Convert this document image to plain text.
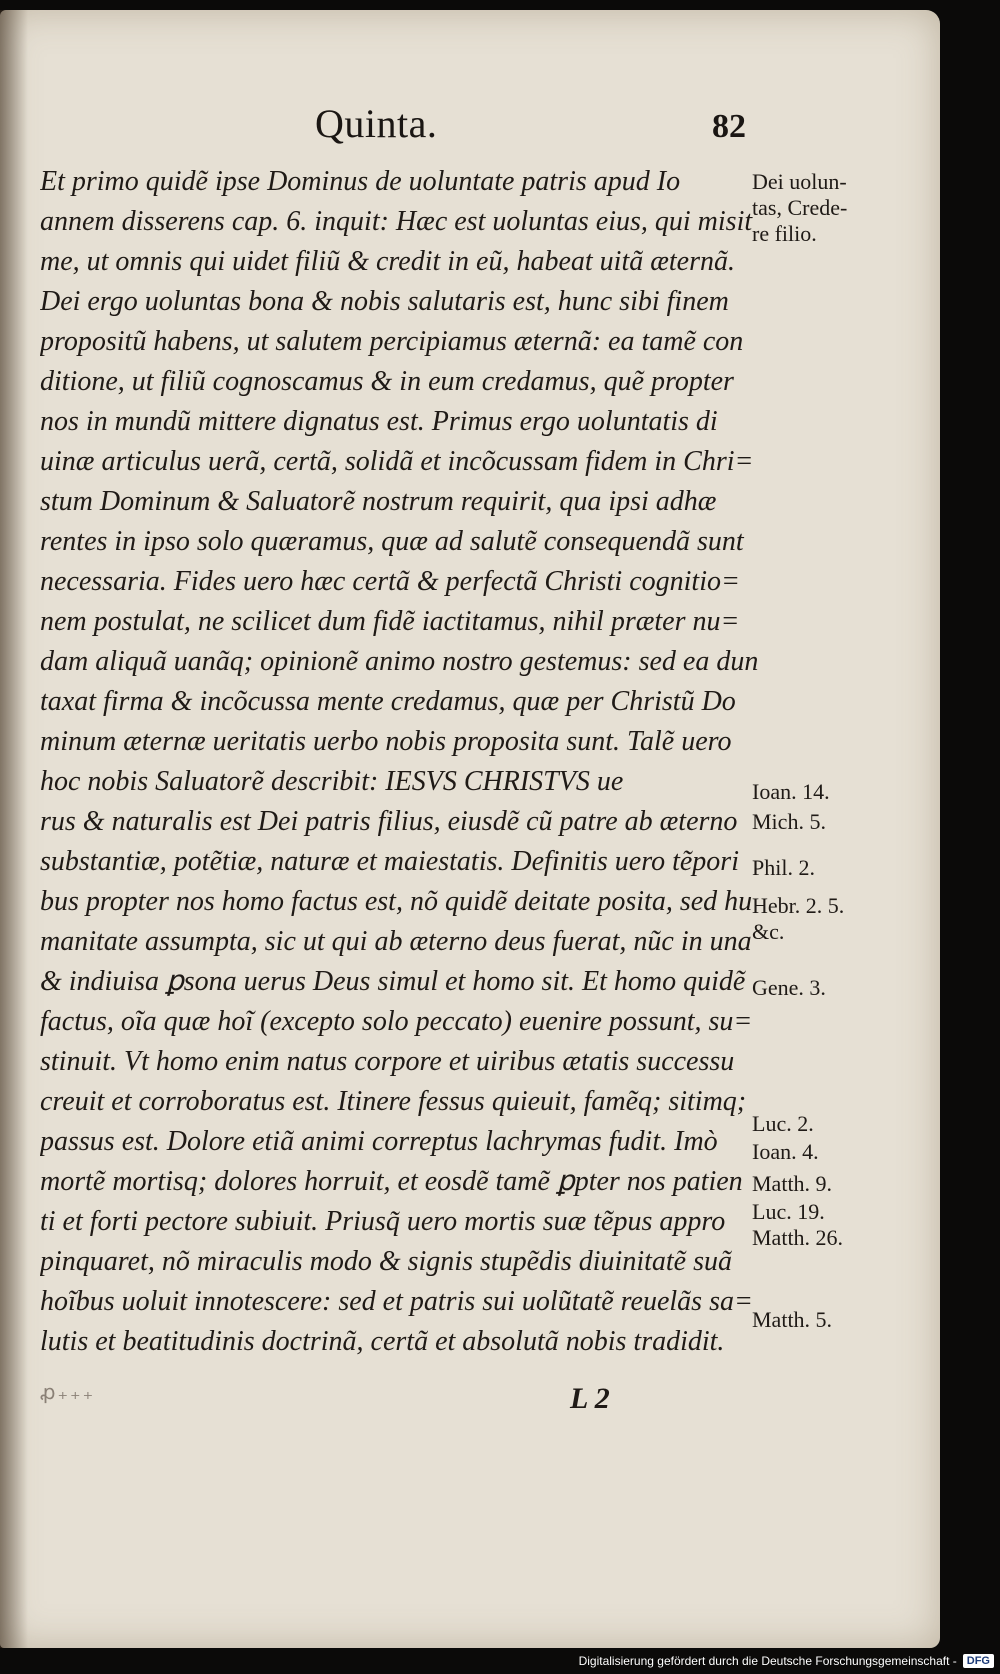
Quinta.	82
Et primo quidẽ ipse Dominus de uoluntate patris apud Io
annem disserens cap. 6. inquit: Hæc est uoluntas eius, qui misit
me, ut omnis qui uidet filiũ & credit in eũ, habeat uitã æternã.
Dei ergo uoluntas bona & nobis salutaris est, hunc sibi finem
propositũ habens, ut salutem percipiamus æternã: ea tamẽ con
ditione, ut filiũ cognoscamus & in eum credamus, quẽ propter
nos in mundũ mittere dignatus est. Primus ergo uoluntatis di
uinæ articulus uerã, certã, solidã et incõcussam fidem in Chri=
stum Dominum & Saluatorẽ nostrum requirit, qua ipsi adhæ
rentes in ipso solo quæramus, quæ ad salutẽ consequendã sunt
necessaria. Fides uero hæc certã & perfectã Christi cognitio=
nem postulat, ne scilicet dum fidẽ iactitamus, nihil præter nu=
dam aliquã uanãq; opinionẽ animo nostro gestemus: sed ea dun
taxat firma & incõcussa mente credamus, quæ per Christũ Do
minum æternæ ueritatis uerbo nobis proposita sunt. Talẽ uero
hoc nobis Saluatorẽ describit: IESVS CHRISTVS ue
rus & naturalis est Dei patris filius, eiusdẽ cũ patre ab æterno
substantiæ, potẽtiæ, naturæ et maiestatis. Definitis uero tẽpori
bus propter nos homo factus est, nõ quidẽ deitate posita, sed hu
manitate assumpta, sic ut qui ab æterno deus fuerat, nũc in una
& indiuisa ꝑsona uerus Deus simul et homo sit. Et homo quidẽ
factus, oĩa quæ hoĩ (excepto solo peccato) euenire possunt, su=
stinuit. Vt homo enim natus corpore et uiribus ætatis successu
creuit et corroboratus est. Itinere fessus quieuit, famẽq; sitimq;
passus est. Dolore etiã animi correptus lachrymas fudit. Imò
mortẽ mortisq; dolores horruit, et eosdẽ tamẽ ꝑpter nos patien
ti et forti pectore subiuit. Priusq̃ uero mortis suæ tẽpus appro
pinquaret, nõ miraculis modo & signis stupẽdis diuinitatẽ suã
hoĩbus uoluit innotescere: sed et patris sui uolũtatẽ reuelãs sa=
lutis et beatitudinis doctrinã, certã et absolutã nobis tradidit.
Dei uolun-
tas, Crede-
re filio.
Ioan. 14.
Mich. 5.
Phil. 2.
Hebr. 2. 5.
&c.
Gene. 3.
Luc. 2.
Ioan. 4.
Matth. 9.
Luc. 19.
Matth. 26.
Matth. 5.
ꝓ₊₊₊	L 2
Digitalisierung gefördert durch die Deutsche Forschungsgemeinschaft - DFG
